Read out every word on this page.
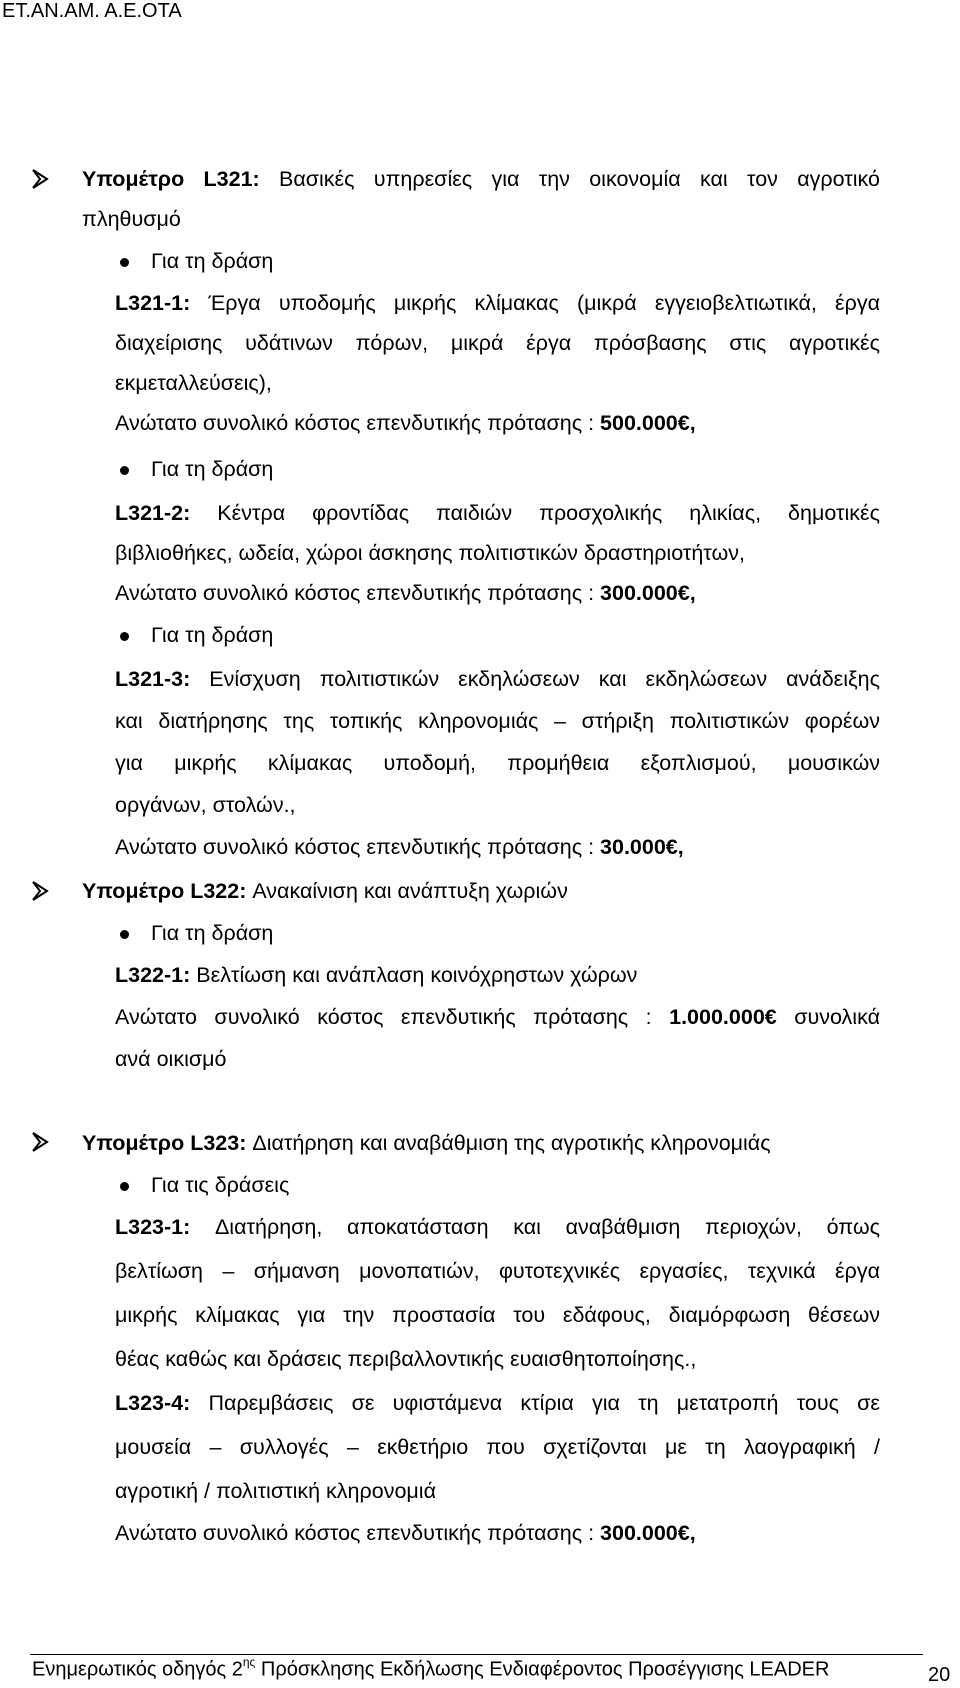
ΕΤ.ΑΝ.ΑΜ. Α.Ε.ΟΤΑ
Υπομέτρο L321: Βασικές υπηρεσίες για την οικονομία και τον αγροτικό
πληθυσμό
Για τη δράση
L321-1: Έργα υποδομής μικρής κλίμακας (μικρά εγγειοβελτιωτικά, έργα
διαχείρισης υδάτινων πόρων, μικρά έργα πρόσβασης στις αγροτικές
εκμεταλλεύσεις),
Ανώτατο συνολικό κόστος επενδυτικής πρότασης : 500.000€,
Για τη δράση
L321-2: Κέντρα φροντίδας παιδιών προσχολικής ηλικίας, δημοτικές
βιβλιοθήκες, ωδεία, χώροι άσκησης πολιτιστικών δραστηριοτήτων,
Ανώτατο συνολικό κόστος επενδυτικής πρότασης : 300.000€,
Για τη δράση
L321-3: Ενίσχυση πολιτιστικών εκδηλώσεων και εκδηλώσεων ανάδειξης
και διατήρησης της τοπικής κληρονομιάς – στήριξη πολιτιστικών φορέων
για μικρής κλίμακας υποδομή, προμήθεια εξοπλισμού, μουσικών
οργάνων, στολών.,
Ανώτατο συνολικό κόστος επενδυτικής πρότασης : 30.000€,
Υπομέτρο L322: Ανακαίνιση και ανάπτυξη χωριών
Για τη δράση
L322-1: Βελτίωση και ανάπλαση κοινόχρηστων χώρων
Ανώτατο συνολικό κόστος επενδυτικής πρότασης : 1.000.000€ συνολικά
ανά οικισμό
Υπομέτρο L323: Διατήρηση και αναβάθμιση της αγροτικής κληρονομιάς
Για τις δράσεις
L323-1: Διατήρηση, αποκατάσταση και αναβάθμιση περιοχών, όπως
βελτίωση – σήμανση μονοπατιών, φυτοτεχνικές εργασίες, τεχνικά έργα
μικρής κλίμακας για την προστασία του εδάφους, διαμόρφωση θέσεων
θέας καθώς και δράσεις περιβαλλοντικής ευαισθητοποίησης.,
L323-4: Παρεμβάσεις σε υφιστάμενα κτίρια για τη μετατροπή τους σε
μουσεία – συλλογές – εκθετήριο που σχετίζονται με τη λαογραφική /
αγροτική / πολιτιστική κληρονομιά
Ανώτατο συνολικό κόστος επενδυτικής πρότασης : 300.000€,
Ενημερωτικός οδηγός $2^{\eta\varsigma}$ Πρόσκλησης Εκδήλωσης Ενδιαφέροντος Προσέγγισης LEADER	20
